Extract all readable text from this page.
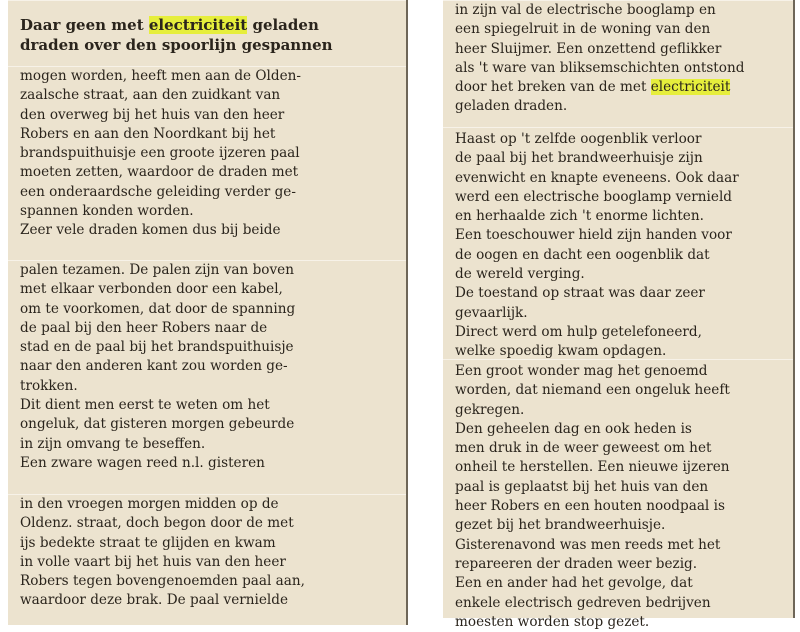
Daar geen met electriciteit geladen
draden over den spoorlijn gespannen
mogen worden, heeft men aan de Olden-
zaalsche straat, aan den zuidkant van
den overweg bij het huis van den heer
Robers en aan den Noordkant bij het
brandspuithuisje een groote ijzeren paal
moeten zetten, waardoor de draden met
een onderaardsche geleiding verder ge-
spannen konden worden.
Zeer vele draden komen dus bij beide
palen tezamen. De palen zijn van boven
met elkaar verbonden door een kabel,
om te voorkomen, dat door de spanning
de paal bij den heer Robers naar de
stad en de paal bij het brandspuithuisje
naar den anderen kant zou worden ge-
trokken.
Dit dient men eerst te weten om het
ongeluk, dat gisteren morgen gebeurde
in zijn omvang te beseffen.
Een zware wagen reed n.l. gisteren
in den vroegen morgen midden op de
Oldenz. straat, doch begon door de met
ijs bedekte straat te glijden en kwam
in volle vaart bij het huis van den heer
Robers tegen bovengenoemden paal aan,
waardoor deze brak. De paal vernielde
in zijn val de electrische booglamp en
een spiegelruit in de woning van den
heer Sluijmer. Een onzettend geflikker
als 't ware van bliksemschichten ontstond
door het breken van de met electriciteit
geladen draden.
Haast op 't zelfde oogenblik verloor
de paal bij het brandweerhuisje zijn
evenwicht en knapte eveneens. Ook daar
werd een electrische booglamp vernield
en herhaalde zich 't enorme lichten.
Een toeschouwer hield zijn handen voor
de oogen en dacht een oogenblik dat
de wereld verging.
De toestand op straat was daar zeer
gevaarlijk.
Direct werd om hulp getelefoneerd,
welke spoedig kwam opdagen.
Een groot wonder mag het genoemd
worden, dat niemand een ongeluk heeft
gekregen.
Den geheelen dag en ook heden is
men druk in de weer geweest om het
onheil te herstellen. Een nieuwe ijzeren
paal is geplaatst bij het huis van den
heer Robers en een houten noodpaal is
gezet bij het brandweerhuisje.
Gisterenavond was men reeds met het
repareeren der draden weer bezig.
Een en ander had het gevolge, dat
enkele electrisch gedreven bedrijven
moesten worden stop gezet.
